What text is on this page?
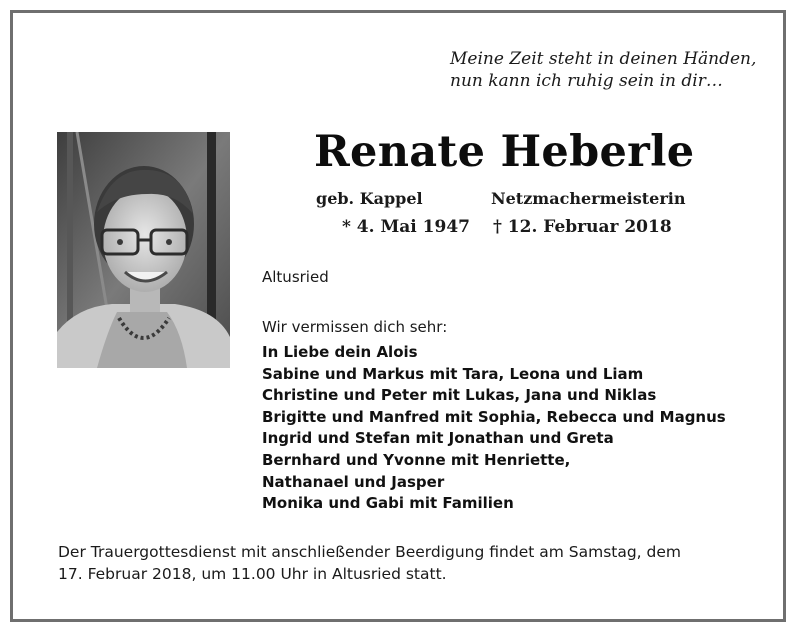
Meine Zeit steht in deinen Händen,
nun kann ich ruhig sein in dir…
Renate Heberle
geb. Kappel	Netzmachermeisterin
* 4. Mai 1947 † 12. Februar 2018
Altusried
Wir vermissen dich sehr:
In Liebe dein Alois
Sabine und Markus mit Tara, Leona und Liam
Christine und Peter mit Lukas, Jana und Niklas
Brigitte und Manfred mit Sophia, Rebecca und Magnus
Ingrid und Stefan mit Jonathan und Greta
Bernhard und Yvonne mit Henriette,
Nathanael und Jasper
Monika und Gabi mit Familien
Der Trauergottesdienst mit anschließender Beerdigung findet am Samstag, dem
17. Februar 2018, um 11.00 Uhr in Altusried statt.
